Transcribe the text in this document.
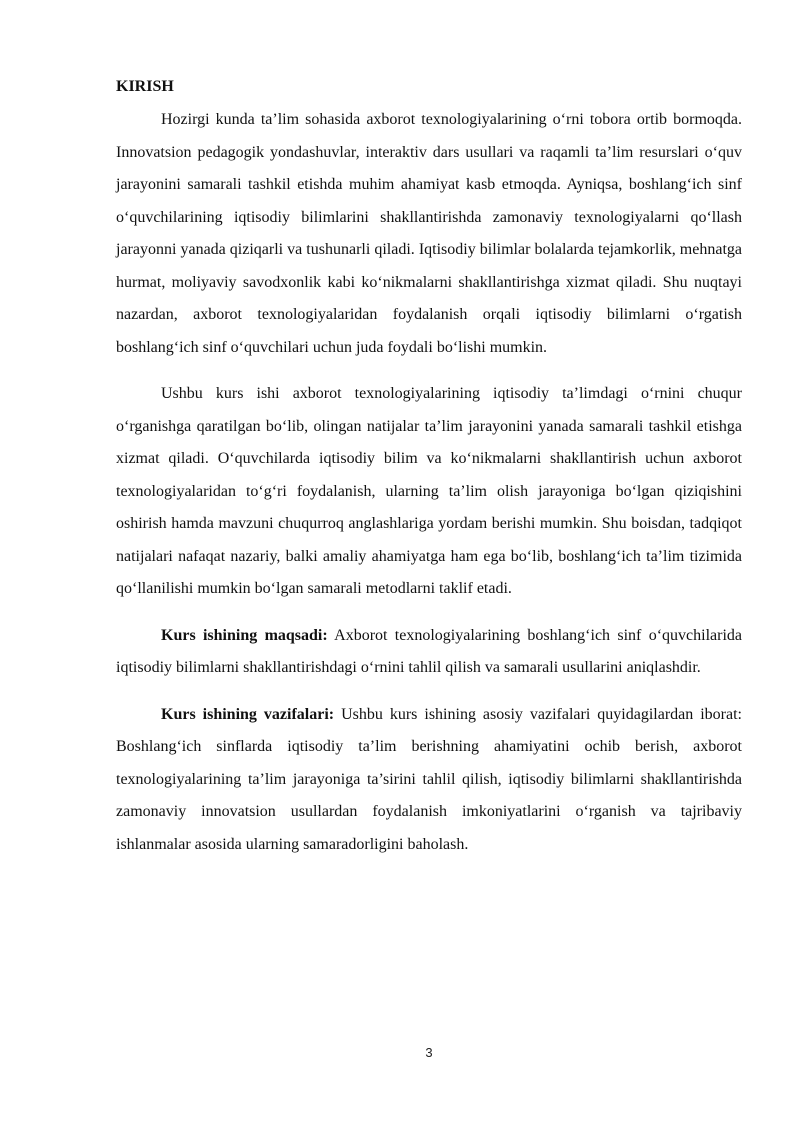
KIRISH

Hozirgi kunda ta’lim sohasida axborot texnologiyalarining o‘rni tobora ortib bormoqda. Innovatsion pedagogik yondashuvlar, interaktiv dars usullari va raqamli ta’lim resurslari o‘quv jarayonini samarali tashkil etishda muhim ahamiyat kasb etmoqda. Ayniqsa, boshlang‘ich sinf o‘quvchilarining iqtisodiy bilimlarini shakllantirishda zamonaviy texnologiyalarni qo‘llash jarayonni yanada qiziqarli va tushunarli qiladi. Iqtisodiy bilimlar bolalarda tejamkorlik, mehnatga hurmat, moliyaviy savodxonlik kabi ko‘nikmalarni shakllantirishga xizmat qiladi. Shu nuqtayi nazardan, axborot texnologiyalaridan foydalanish orqali iqtisodiy bilimlarni o‘rgatish boshlang‘ich sinf o‘quvchilari uchun juda foydali bo‘lishi mumkin.

Ushbu kurs ishi axborot texnologiyalarining iqtisodiy ta’limdagi o‘rnini chuqur o‘rganishga qaratilgan bo‘lib, olingan natijalar ta’lim jarayonini yanada samarali tashkil etishga xizmat qiladi. O‘quvchilarda iqtisodiy bilim va ko‘nikmalarni shakllantirish uchun axborot texnologiyalaridan to‘g‘ri foydalanish, ularning ta’lim olish jarayoniga bo‘lgan qiziqishini oshirish hamda mavzuni chuqurroq anglashlariga yordam berishi mumkin. Shu boisdan, tadqiqot natijalari nafaqat nazariy, balki amaliy ahamiyatga ham ega bo‘lib, boshlang‘ich ta’lim tizimida qo‘llanilishi mumkin bo‘lgan samarali metodlarni taklif etadi.

Kurs ishining maqsadi: Axborot texnologiyalarining boshlang‘ich sinf o‘quvchilarida iqtisodiy bilimlarni shakllantirishdagi o‘rnini tahlil qilish va samarali usullarini aniqlashdir.

Kurs ishining vazifalari: Ushbu kurs ishining asosiy vazifalari quyidagilardan iborat: Boshlang‘ich sinflarda iqtisodiy ta’lim berishning ahamiyatini ochib berish, axborot texnologiyalarining ta’lim jarayoniga ta’sirini tahlil qilish, iqtisodiy bilimlarni shakllantirishda zamonaviy innovatsion usullardan foydalanish imkoniyatlarini o‘rganish va tajribaviy ishlanmalar asosida ularning samaradorligini baholash.

3
